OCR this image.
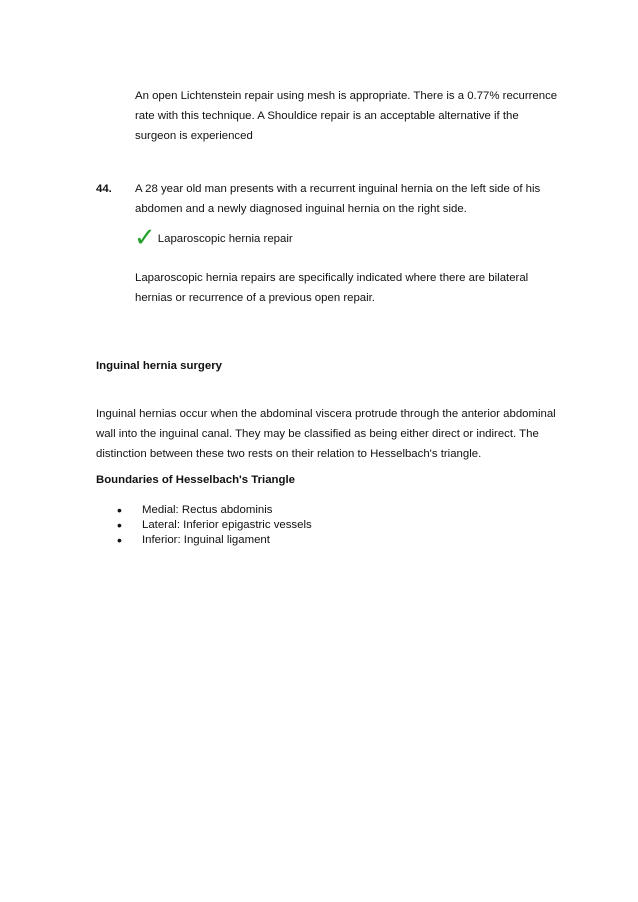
An open Lichtenstein repair using mesh is appropriate. There is a 0.77% recurrence
rate with this technique. A Shouldice repair is an acceptable alternative if the
surgeon is experienced
44. A 28 year old man presents with a recurrent inguinal hernia on the left side of his
abdomen and a newly diagnosed inguinal hernia on the right side.
✓ Laparoscopic hernia repair
Laparoscopic hernia repairs are specifically indicated where there are bilateral
hernias or recurrence of a previous open repair.
Inguinal hernia surgery
Inguinal hernias occur when the abdominal viscera protrude through the anterior abdominal
wall into the inguinal canal. They may be classified as being either direct or indirect. The
distinction between these two rests on their relation to Hesselbach's triangle.
Boundaries of Hesselbach's Triangle
• Medial: Rectus abdominis
• Lateral: Inferior epigastric vessels
• Inferior: Inguinal ligament
